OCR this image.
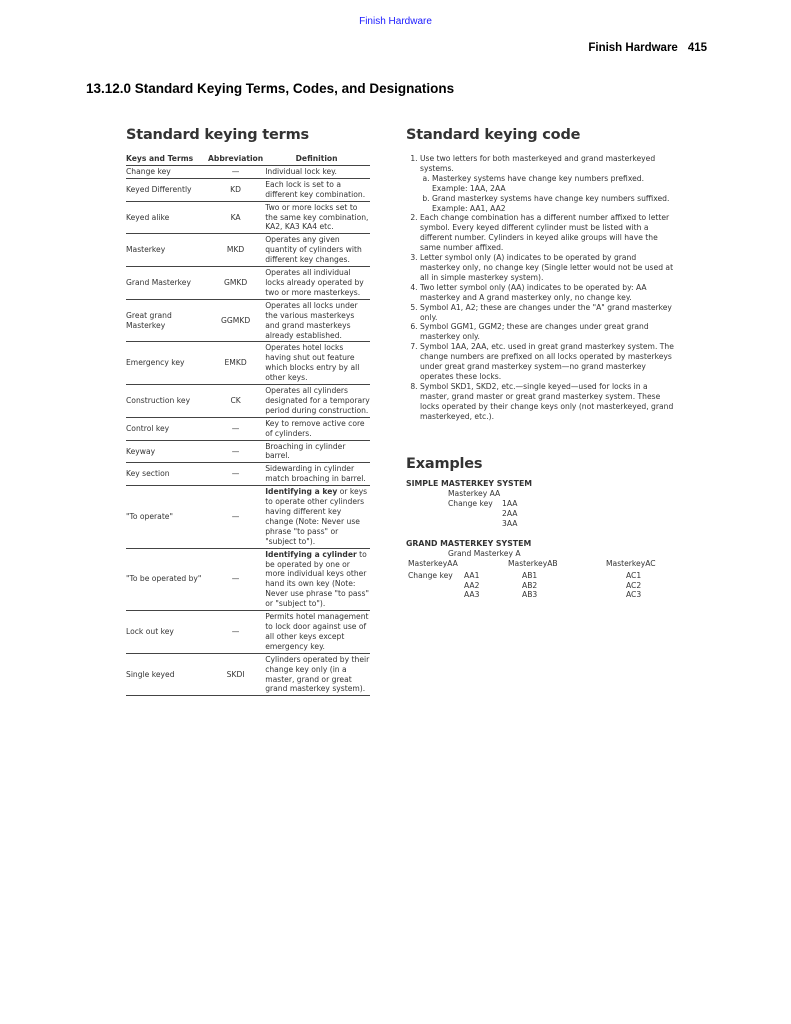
Finish Hardware
Finish Hardware 415
13.12.0 Standard Keying Terms, Codes, and Designations
Standard keying terms
Keys and Terms	Abbreviation	Definition
Change key	—	Individual lock key.
Keyed Differently	KD	Each lock is set to a different key combination.
Keyed alike	KA	Two or more locks set to the same key combination, KA2, KA3 KA4 etc.
Masterkey	MKD	Operates any given quantity of cylinders with different key changes.
Grand Masterkey	GMKD	Operates all individual locks already operated by two or more masterkeys.
Great grand Masterkey	GGMKD	Operates all locks under the various masterkeys and grand masterkeys already established.
Emergency key	EMKD	Operates hotel locks having shut out feature which blocks entry by all other keys.
Construction key	CK	Operates all cylinders designated for a temporary period during construction.
Control key	—	Key to remove active core of cylinders.
Keyway	—	Broaching in cylinder barrel.
Key section	—	Sidewarding in cylinder match broaching in barrel.
"To operate"	—	Identifying a key or keys to operate other cylinders having different key change (Note: Never use phrase "to pass" or "subject to").
"To be operated by"	—	Identifying a cylinder to be operated by one or more individual keys other hand its own key (Note: Never use phrase "to pass" or "subject to").
Lock out key	—	Permits hotel management to lock door against use of all other keys except emergency key.
Single keyed	SKDI	Cylinders operated by their change key only (in a master, grand or great grand masterkey system).
Standard keying code
1. Use two letters for both masterkeyed and grand masterkeyed systems.
a. Masterkey systems have change key numbers prefixed. Example: 1AA, 2AA
b. Grand masterkey systems have change key numbers suffixed. Example: AA1, AA2
2. Each change combination has a different number affixed to letter symbol. Every keyed different cylinder must be listed with a different number. Cylinders in keyed alike groups will have the same number affixed.
3. Letter symbol only (A) indicates to be operated by grand masterkey only, no change key (Single letter would not be used at all in simple masterkey system).
4. Two letter symbol only (AA) indicates to be operated by: AA masterkey and A grand masterkey only, no change key.
5. Symbol A1, A2; these are changes under the "A" grand masterkey only.
6. Symbol GGM1, GGM2; these are changes under great grand masterkey only.
7. Symbol 1AA, 2AA, etc. used in great grand masterkey system. The change numbers are prefixed on all locks operated by masterkeys under great grand masterkey system—no grand masterkey operates these locks.
8. Symbol SKD1, SKD2, etc.—single keyed—used for locks in a master, grand master or great grand masterkey system. These locks operated by their change keys only (not masterkeyed, grand masterkeyed, etc.).
Examples
SIMPLE MASTERKEY SYSTEM
Masterkey AA
Change key 1AA
2AA
3AA
GRAND MASTERKEY SYSTEM
Grand Masterkey A
MasterkeyAA	MasterkeyAB	MasterkeyAC
Change key AA1	AB1	AC1
AA2	AB2	AC2
AA3	AB3	AC3
